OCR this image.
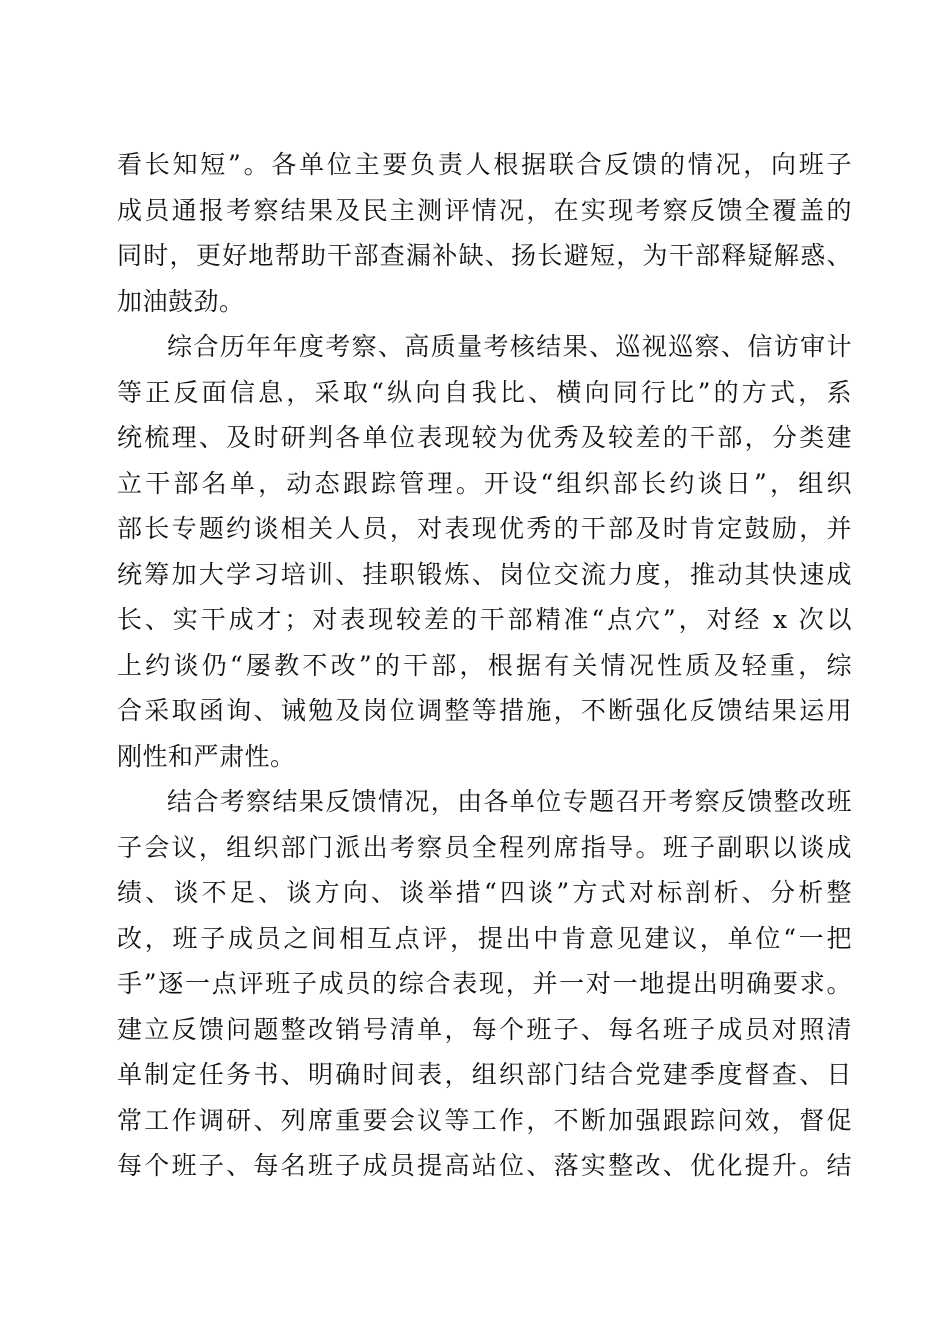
看长知短”。各单位主要负责人根据联合反馈的情况，向班子
成员通报考察结果及民主测评情况，在实现考察反馈全覆盖的
同时，更好地帮助干部查漏补缺、扬长避短，为干部释疑解惑、
加油鼓劲。
综合历年年度考察、高质量考核结果、巡视巡察、信访审计
等正反面信息，采取“纵向自我比、横向同行比”的方式，系
统梳理、及时研判各单位表现较为优秀及较差的干部，分类建
立干部名单，动态跟踪管理。开设“组织部长约谈日”，组织
部长专题约谈相关人员，对表现优秀的干部及时肯定鼓励，并
统筹加大学习培训、挂职锻炼、岗位交流力度，推动其快速成
长、实干成才；对表现较差的干部精准“点穴”，对经 x 次以
上约谈仍“屡教不改”的干部，根据有关情况性质及轻重，综
合采取函询、诫勉及岗位调整等措施，不断强化反馈结果运用
刚性和严肃性。
结合考察结果反馈情况，由各单位专题召开考察反馈整改班
子会议，组织部门派出考察员全程列席指导。班子副职以谈成
绩、谈不足、谈方向、谈举措“四谈”方式对标剖析、分析整
改，班子成员之间相互点评，提出中肯意见建议，单位“一把
手”逐一点评班子成员的综合表现，并一对一地提出明确要求。
建立反馈问题整改销号清单，每个班子、每名班子成员对照清
单制定任务书、明确时间表，组织部门结合党建季度督查、日
常工作调研、列席重要会议等工作，不断加强跟踪问效，督促
每个班子、每名班子成员提高站位、落实整改、优化提升。结
